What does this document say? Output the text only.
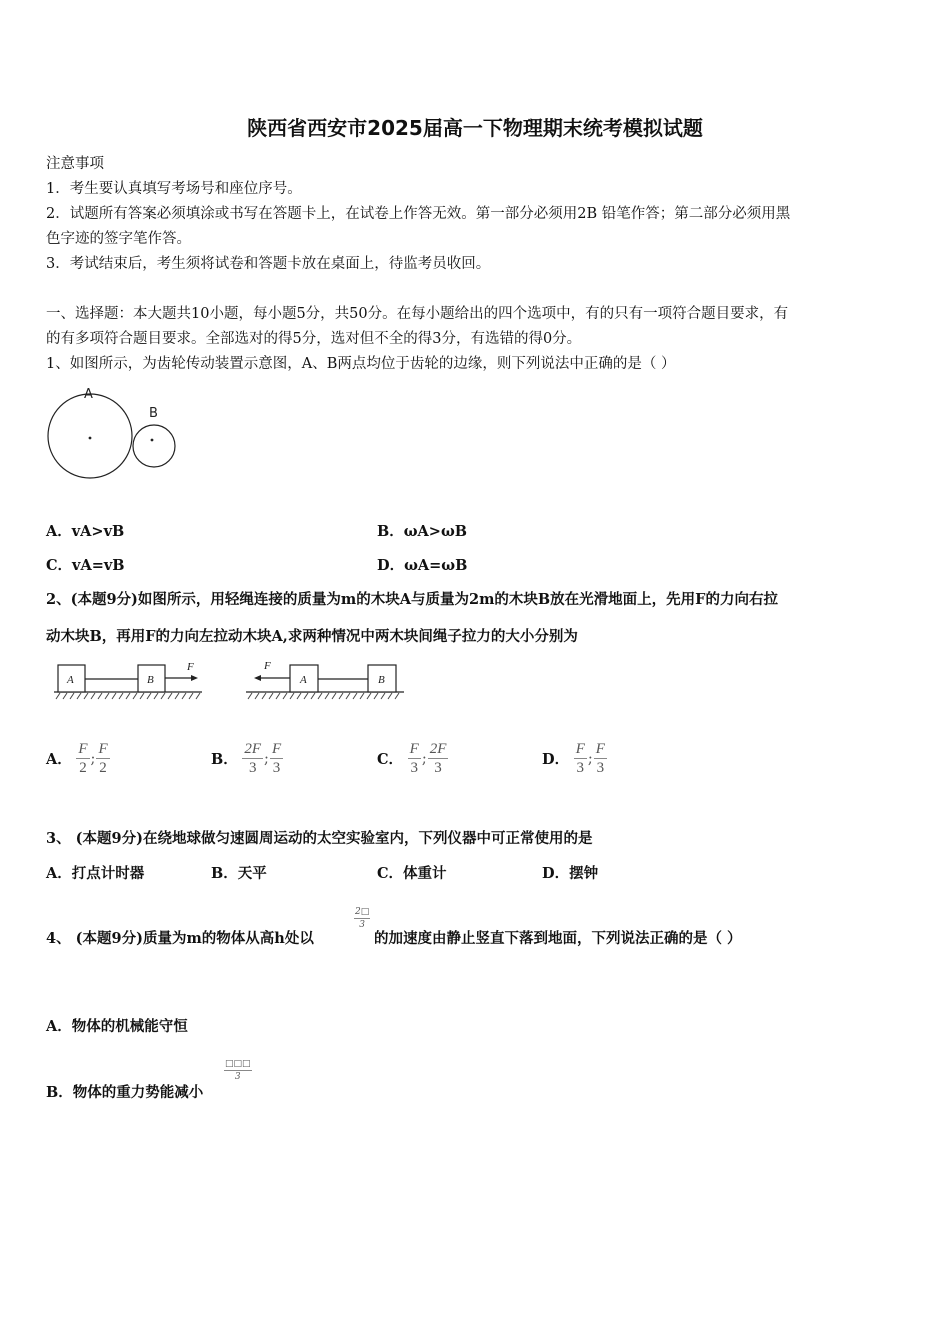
陕西省西安市2025届高一下物理期末统考模拟试题
注意事项
1．考生要认真填写考场号和座位序号。
2．试题所有答案必须填涂或书写在答题卡上，在试卷上作答无效。第一部分必须用2B 铅笔作答；第二部分必须用黑
色字迹的签字笔作答。
3．考试结束后，考生须将试卷和答题卡放在桌面上，待监考员收回。
一、选择题：本大题共10小题，每小题5分，共50分。在每小题给出的四个选项中，有的只有一项符合题目要求，有
的有多项符合题目要求。全部选对的得5分，选对但不全的得3分，有选错的得0分。
1、如图所示，为齿轮传动装置示意图，A、B两点均位于齿轮的边缘，则下列说法中正确的是（ ）
A
B
A．vA>vB	B．ωA>ωB
C．vA=vB	D．ωA=ωB
2、(本题9分)如图所示，用轻绳连接的质量为m的木块A与质量为2m的木块B放在光滑地面上，先用F的力向右拉
动木块B，再用F的力向左拉动木块A,求两种情况中两木块间绳子拉力的大小分别为
A	B
F
A	B
F
A． $\frac{F}{2}$ ; $\frac{F}{2}$	B． $\frac{2F}{3}$ ; $\frac{F}{3}$	C． $\frac{F}{3}$ ; $\frac{2F}{3}$	D． $\frac{F}{3}$ ; $\frac{F}{3}$
3、 (本题9分)在绕地球做匀速圆周运动的太空实验室内，下列仪器中可正常使用的是
A．打点计时器	B．天平	C．体重计	D．摆钟
4、 (本题9分)质量为m的物体从高h处以
$\frac{2□}{3}$
的加速度由静止竖直下落到地面，下列说法正确的是（ ）
A．物体的机械能守恒
B．物体的重力势能减小
□□□
3
